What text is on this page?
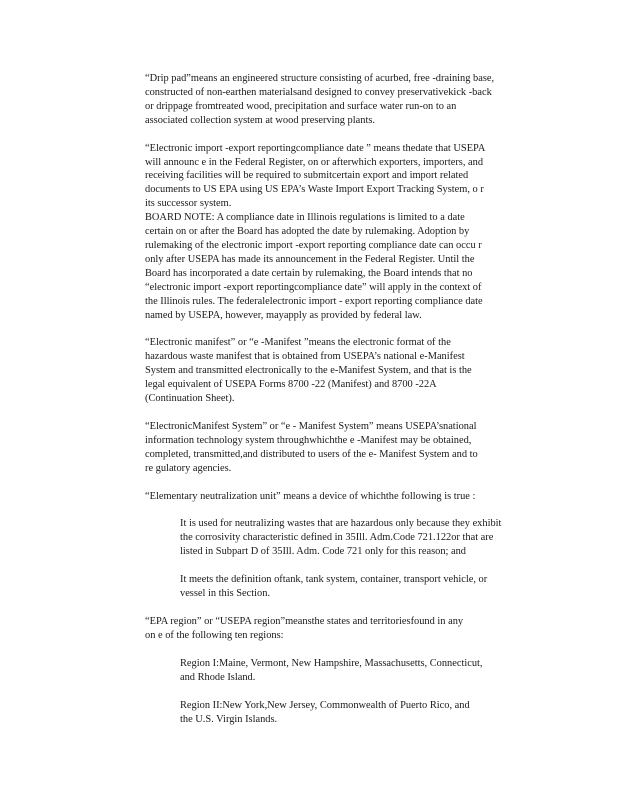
“Drip pad”means an engineered structure consisting of acurbed, free -draining base,
constructed of non-earthen materialsand designed to convey preservativekick -back
or drippage fromtreated wood, precipitation and surface water run-on to an
associated collection system at wood preserving plants.

“Electronic import -export reportingcompliance date ” means thedate that USEPA
will announc e in the Federal Register, on or afterwhich exporters, importers, and
receiving facilities will be required to submitcertain export and import related
documents to US EPA using US EPA’s Waste Import Export Tracking System, o r
its successor system.

BOARD NOTE: A compliance date in Illinois regulations is limited to a date
certain on or after the Board has adopted the date by rulemaking. Adoption by
rulemaking of the electronic import -export reporting compliance date can occu r
only after USEPA has made its announcement in the Federal Register. Until the
Board has incorporated a date certain by rulemaking, the Board intends that no
“electronic import -export reportingcompliance date” will apply in the context of
the Illinois rules. The federalelectronic import - export reporting compliance date
named by USEPA, however, mayapply as provided by federal law.

“Electronic manifest” or “e -Manifest ”means the electronic format of the
hazardous waste manifest that is obtained from USEPA’s national e-Manifest
System and transmitted electronically to the e-Manifest System, and that is the
legal equivalent of USEPA Forms 8700 -22 (Manifest) and 8700 -22A
(Continuation Sheet).

“ElectronicManifest System” or “e - Manifest System” means USEPA’snational
information technology system throughwhichthe e -Manifest may be obtained,
completed, transmitted,and distributed to users of the e- Manifest System and to
re gulatory agencies.

“Elementary neutralization unit” means a device of whichthe following is true :

It is used for neutralizing wastes that are hazardous only because they exhibit
the corrosivity characteristic defined in 35Ill. Adm.Code 721.122or that are
listed in Subpart D of 35Ill. Adm. Code 721 only for this reason; and

It meets the definition oftank, tank system, container, transport vehicle, or
vessel in this Section.

“EPA region” or “USEPA region”meansthe states and territoriesfound in any
on e of the following ten regions:

Region I:Maine, Vermont, New Hampshire, Massachusetts, Connecticut,
and Rhode Island.

Region II:New York,New Jersey, Commonwealth of Puerto Rico, and
the U.S. Virgin Islands.
